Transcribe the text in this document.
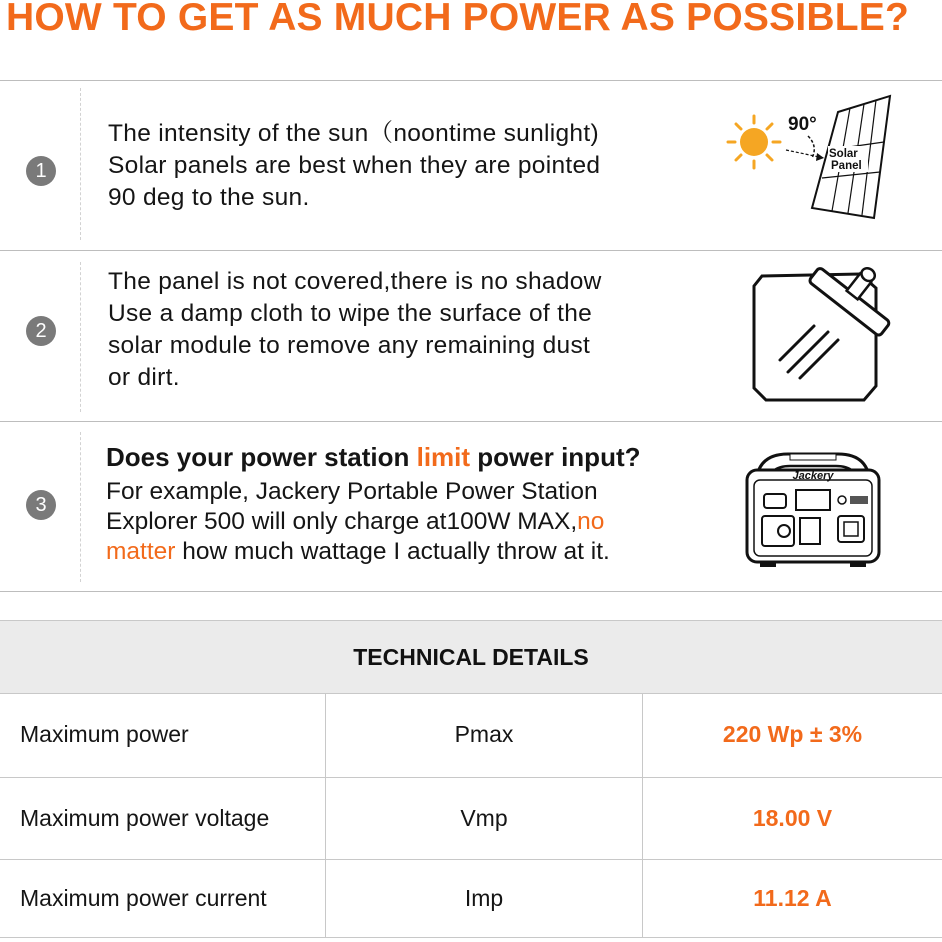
HOW TO GET AS MUCH POWER AS POSSIBLE?
1
The intensity of the sun（noontime sunlight)
Solar panels are best when they are pointed
90 deg to the sun.
90°
Solar
Panel
2
The panel is not covered,there is no shadow
Use a damp cloth to wipe the surface of the
solar module to remove any remaining dust
or dirt.
3
Does your power station limit power input?
For example, Jackery Portable Power Station
Explorer 500 will only charge at100W MAX,no
matter how much wattage I actually throw at it.
Jackery
TECHNICAL DETAILS
Maximum power	Pmax	220 Wp ± 3%
Maximum power voltage	Vmp	18.00 V
Maximum power current	Imp	11.12 A
